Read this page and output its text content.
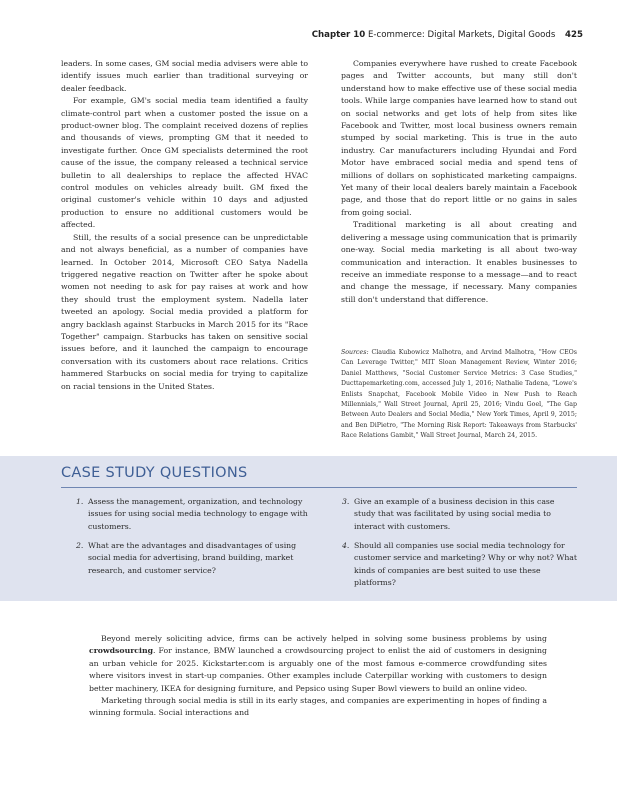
Chapter 10 E-commerce: Digital Markets, Digital Goods 425

leaders. In some cases, GM social media advisers were able to identify issues much earlier than traditional surveying or dealer feedback.

For example, GM's social media team identified a faulty climate-control part when a customer posted the issue on a product-owner blog. The complaint received dozens of replies and thousands of views, prompting GM that it needed to investigate further. Once GM specialists determined the root cause of the issue, the company released a technical service bulletin to all dealerships to replace the affected HVAC control modules on vehicles already built. GM fixed the original customer's vehicle within 10 days and adjusted production to ensure no additional customers would be affected.

Still, the results of a social presence can be unpredictable and not always beneficial, as a number of companies have learned. In October 2014, Microsoft CEO Satya Nadella triggered negative reaction on Twitter after he spoke about women not needing to ask for pay raises at work and how they should trust the employment system. Nadella later tweeted an apology. Social media provided a platform for angry backlash against Starbucks in March 2015 for its "Race Together" campaign. Starbucks has taken on sensitive social issues before, and it launched the campaign to encourage conversation with its customers about race relations. Critics hammered Starbucks on social media for trying to capitalize on racial tensions in the United States.

Companies everywhere have rushed to create Facebook pages and Twitter accounts, but many still don't understand how to make effective use of these social media tools. While large companies have learned how to stand out on social networks and get lots of help from sites like Facebook and Twitter, most local business owners remain stumped by social marketing. This is true in the auto industry. Car manufacturers including Hyundai and Ford Motor have embraced social media and spend tens of millions of dollars on sophisticated marketing campaigns. Yet many of their local dealers barely maintain a Facebook page, and those that do report little or no gains in sales from going social.

Traditional marketing is all about creating and delivering a message using communication that is primarily one-way. Social media marketing is all about two-way communication and interaction. It enables businesses to receive an immediate response to a message—and to react and change the message, if necessary. Many companies still don't understand that difference.

Sources: Claudia Kubowicz Malhotra, and Arvind Malhotra, "How CEOs Can Leverage Twitter," MIT Sloan Management Review, Winter 2016; Daniel Matthews, "Social Customer Service Metrics: 3 Case Studies," Ducttapemarketing.com, accessed July 1, 2016; Nathalie Tadena, "Lowe's Enlists Snapchat, Facebook Mobile Video in New Push to Reach Millennials," Wall Street Journal, April 25, 2016; Vindu Goel, "The Gap Between Auto Dealers and Social Media," New York Times, April 9, 2015; and Ben DiPietro, "The Morning Risk Report: Takeaways from Starbucks' Race Relations Gambit," Wall Street Journal, March 24, 2015.
CASE STUDY QUESTIONS
1. Assess the management, organization, and technology issues for using social media technology to engage with customers.
2. What are the advantages and disadvantages of using social media for advertising, brand building, market research, and customer service?
3. Give an example of a business decision in this case study that was facilitated by using social media to interact with customers.
4. Should all companies use social media technology for customer service and marketing? Why or why not? What kinds of companies are best suited to use these platforms?

Beyond merely soliciting advice, firms can be actively helped in solving some business problems by using crowdsourcing. For instance, BMW launched a crowdsourcing project to enlist the aid of customers in designing an urban vehicle for 2025. Kickstarter.com is arguably one of the most famous e-commerce crowdfunding sites where visitors invest in start-up companies. Other examples include Caterpillar working with customers to design better machinery, IKEA for designing furniture, and Pepsico using Super Bowl viewers to build an online video.

Marketing through social media is still in its early stages, and companies are experimenting in hopes of finding a winning formula. Social interactions and
